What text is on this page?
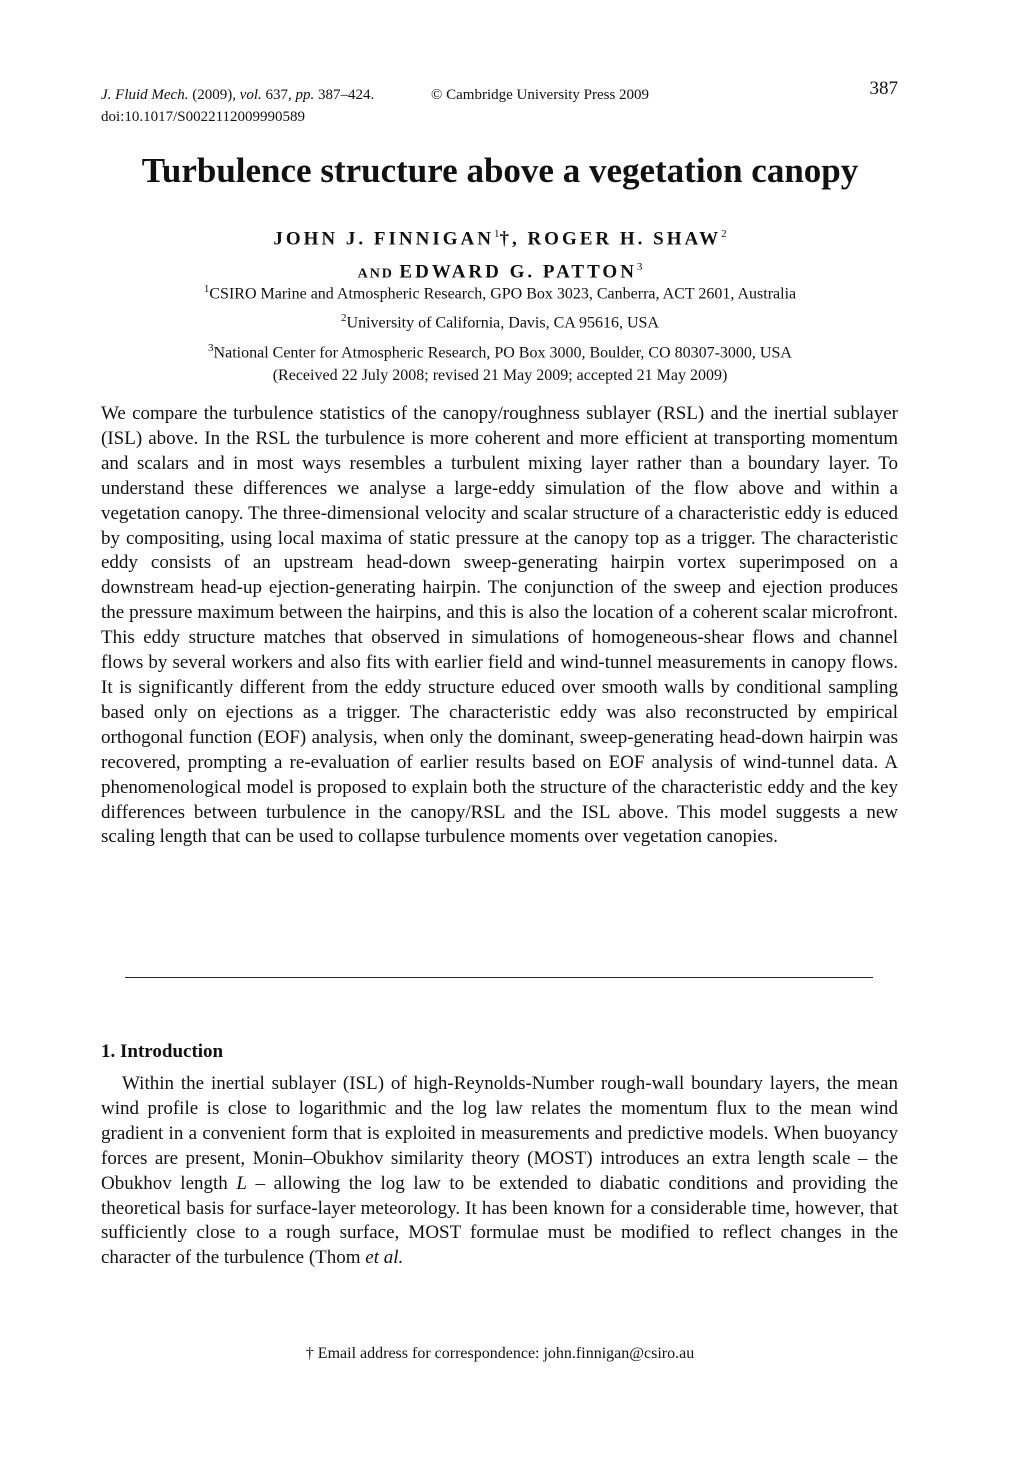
J. Fluid Mech. (2009), vol. 637, pp. 387–424.	© Cambridge University Press 2009
doi:10.1017/S0022112009990589
387
Turbulence structure above a vegetation canopy
JOHN J. FINNIGAN$^1$†, ROGER H. SHAW$^2$
AND EDWARD G. PATTON$^3$
$^1$CSIRO Marine and Atmospheric Research, GPO Box 3023, Canberra, ACT 2601, Australia
$^2$University of California, Davis, CA 95616, USA
$^3$National Center for Atmospheric Research, PO Box 3000, Boulder, CO 80307-3000, USA
(Received 22 July 2008; revised 21 May 2009; accepted 21 May 2009)
We compare the turbulence statistics of the canopy/roughness sublayer (RSL) and the inertial sublayer (ISL) above. In the RSL the turbulence is more coherent and more efficient at transporting momentum and scalars and in most ways resembles a turbulent mixing layer rather than a boundary layer. To understand these differences we analyse a large-eddy simulation of the flow above and within a vegetation canopy. The three-dimensional velocity and scalar structure of a characteristic eddy is educed by compositing, using local maxima of static pressure at the canopy top as a trigger. The characteristic eddy consists of an upstream head-down sweep-generating hairpin vortex superimposed on a downstream head-up ejection-generating hairpin. The conjunction of the sweep and ejection produces the pressure maximum between the hairpins, and this is also the location of a coherent scalar microfront. This eddy structure matches that observed in simulations of homogeneous-shear flows and channel flows by several workers and also fits with earlier field and wind-tunnel measurements in canopy flows. It is significantly different from the eddy structure educed over smooth walls by conditional sampling based only on ejections as a trigger. The characteristic eddy was also reconstructed by empirical orthogonal function (EOF) analysis, when only the dominant, sweep-generating head-down hairpin was recovered, prompting a re-evaluation of earlier results based on EOF analysis of wind-tunnel data. A phenomenological model is proposed to explain both the structure of the characteristic eddy and the key differences between turbulence in the canopy/RSL and the ISL above. This model suggests a new scaling length that can be used to collapse turbulence moments over vegetation canopies.
1. Introduction
Within the inertial sublayer (ISL) of high-Reynolds-Number rough-wall boundary layers, the mean wind profile is close to logarithmic and the log law relates the momentum flux to the mean wind gradient in a convenient form that is exploited in measurements and predictive models. When buoyancy forces are present, Monin–Obukhov similarity theory (MOST) introduces an extra length scale – the Obukhov length L – allowing the log law to be extended to diabatic conditions and providing the theoretical basis for surface-layer meteorology. It has been known for a considerable time, however, that sufficiently close to a rough surface, MOST formulae must be modified to reflect changes in the character of the turbulence (Thom et al.
† Email address for correspondence: john.finnigan@csiro.au
